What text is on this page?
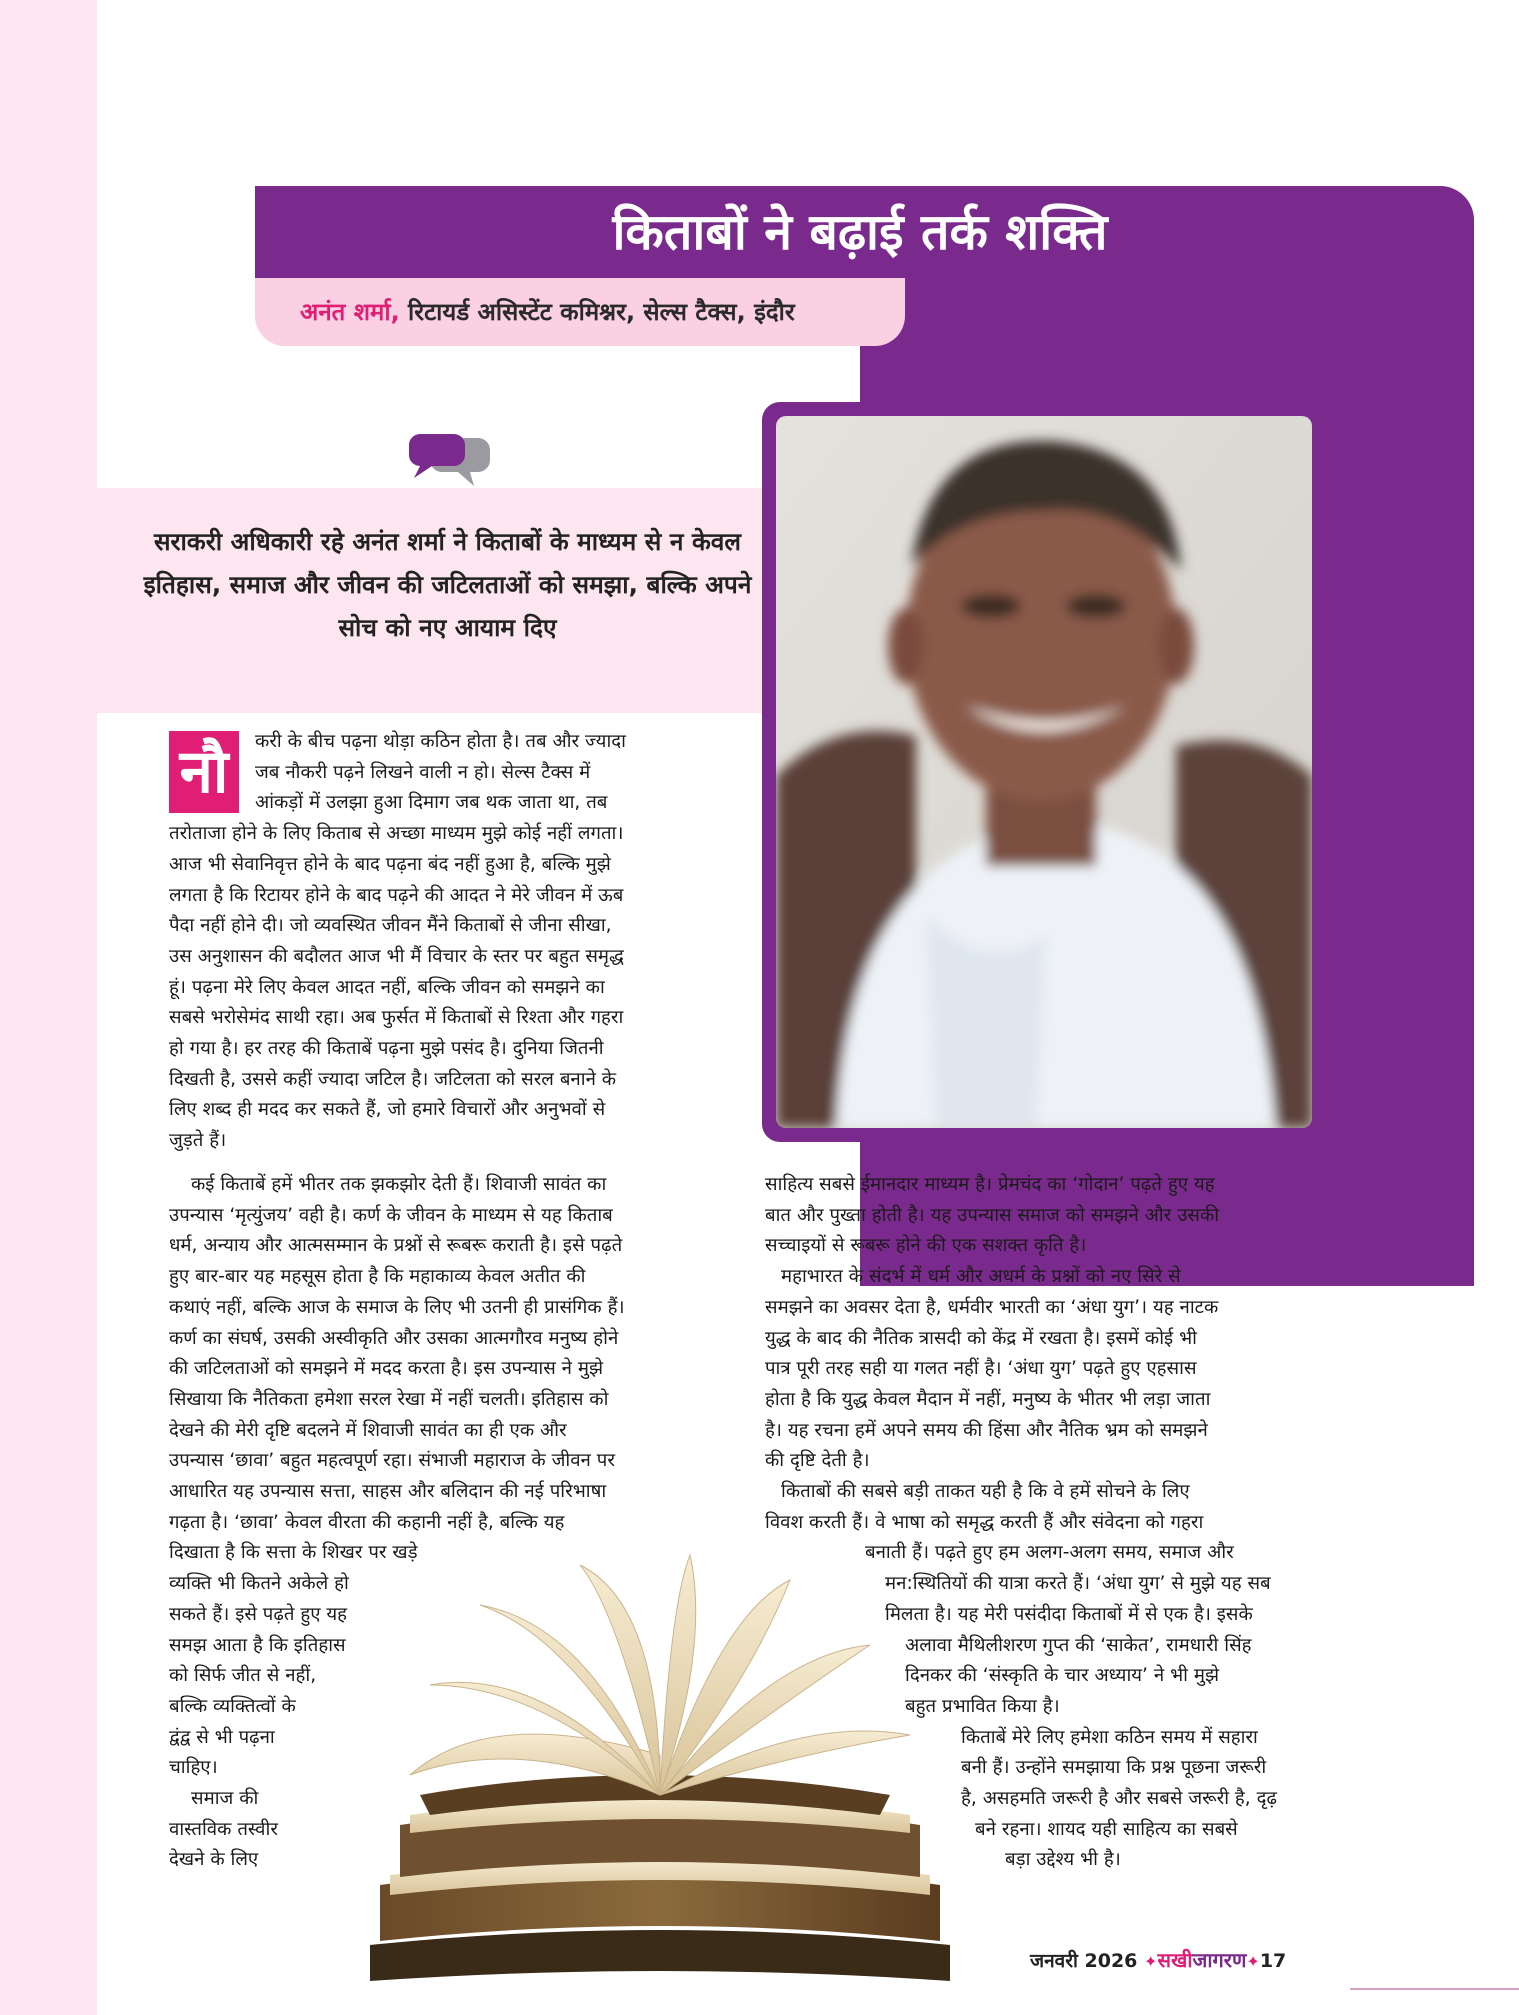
किताबों ने बढ़ाई तर्क शक्ति
अनंत शर्मा, रिटायर्ड असिस्टेंट कमिश्नर, सेल्स टैक्स, इंदौर

सराकरी अधिकारी रहे अनंत शर्मा ने किताबों के माध्यम से न केवल इतिहास, समाज और जीवन की जटिलताओं को समझा, बल्कि अपने सोच को नए आयाम दिए

नौ	करी के बीच पढ़ना थोड़ा कठिन होता है। तब और ज्यादा
जब नौकरी पढ़ने लिखने वाली न हो। सेल्स टैक्स में
आंकड़ों में उलझा हुआ दिमाग जब थक जाता था, तब
तरोताजा होने के लिए किताब से अच्छा माध्यम मुझे कोई नहीं लगता।
आज भी सेवानिवृत्त होने के बाद पढ़ना बंद नहीं हुआ है, बल्कि मुझे
लगता है कि रिटायर होने के बाद पढ़ने की आदत ने मेरे जीवन में ऊब
पैदा नहीं होने दी। जो व्यवस्थित जीवन मैंने किताबों से जीना सीखा,
उस अनुशासन की बदौलत आज भी मैं विचार के स्तर पर बहुत समृद्ध
हूं। पढ़ना मेरे लिए केवल आदत नहीं, बल्कि जीवन को समझने का
सबसे भरोसेमंद साथी रहा। अब फुर्सत में किताबों से रिश्ता और गहरा
हो गया है। हर तरह की किताबें पढ़ना मुझे पसंद है। दुनिया जितनी
दिखती है, उससे कहीं ज्यादा जटिल है। जटिलता को सरल बनाने के
लिए शब्द ही मदद कर सकते हैं, जो हमारे विचारों और अनुभवों से
जुड़ते हैं।
कई किताबें हमें भीतर तक झकझोर देती हैं। शिवाजी सावंत का
उपन्यास ‘मृत्युंजय’ वही है। कर्ण के जीवन के माध्यम से यह किताब
धर्म, अन्याय और आत्मसम्मान के प्रश्नों से रूबरू कराती है। इसे पढ़ते
हुए बार-बार यह महसूस होता है कि महाकाव्य केवल अतीत की
कथाएं नहीं, बल्कि आज के समाज के लिए भी उतनी ही प्रासंगिक हैं।
कर्ण का संघर्ष, उसकी अस्वीकृति और उसका आत्मगौरव मनुष्य होने
की जटिलताओं को समझने में मदद करता है। इस उपन्यास ने मुझे
सिखाया कि नैतिकता हमेशा सरल रेखा में नहीं चलती। इतिहास को
देखने की मेरी दृष्टि बदलने में शिवाजी सावंत का ही एक और
उपन्यास ‘छावा’ बहुत महत्वपूर्ण रहा। संभाजी महाराज के जीवन पर
आधारित यह उपन्यास सत्ता, साहस और बलिदान की नई परिभाषा
गढ़ता है। ‘छावा’ केवल वीरता की कहानी नहीं है, बल्कि यह
दिखाता है कि सत्ता के शिखर पर खड़े
व्यक्ति भी कितने अकेले हो
सकते हैं। इसे पढ़ते हुए यह
समझ आता है कि इतिहास
को सिर्फ जीत से नहीं,
बल्कि व्यक्तित्वों के
द्वंद्व से भी पढ़ना
चाहिए।
समाज की
वास्तविक तस्वीर
देखने के लिए
साहित्य सबसे ईमानदार माध्यम है। प्रेमचंद का ‘गोदान’ पढ़ते हुए यह
बात और पुख्ता होती है। यह उपन्यास समाज को समझने और उसकी
सच्चाइयों से रूबरू होने की एक सशक्त कृति है।
महाभारत के संदर्भ में धर्म और अधर्म के प्रश्नों को नए सिरे से
समझने का अवसर देता है, धर्मवीर भारती का ‘अंधा युग’। यह नाटक
युद्ध के बाद की नैतिक त्रासदी को केंद्र में रखता है। इसमें कोई भी
पात्र पूरी तरह सही या गलत नहीं है। ‘अंधा युग’ पढ़ते हुए एहसास
होता है कि युद्ध केवल मैदान में नहीं, मनुष्य के भीतर भी लड़ा जाता
है। यह रचना हमें अपने समय की हिंसा और नैतिक भ्रम को समझने
की दृष्टि देती है।
किताबों की सबसे बड़ी ताकत यही है कि वे हमें सोचने के लिए
विवश करती हैं। वे भाषा को समृद्ध करती हैं और संवेदना को गहरा
बनाती हैं। पढ़ते हुए हम अलग-अलग समय, समाज और
मन:स्थितियों की यात्रा करते हैं। ‘अंधा युग’ से मुझे यह सब
मिलता है। यह मेरी पसंदीदा किताबों में से एक है। इसके
अलावा मैथिलीशरण गुप्त की ‘साकेत’, रामधारी सिंह
दिनकर की ‘संस्कृति के चार अध्याय’ ने भी मुझे
बहुत प्रभावित किया है।
किताबें मेरे लिए हमेशा कठिन समय में सहारा
बनी हैं। उन्होंने समझाया कि प्रश्न पूछना जरूरी
है, असहमति जरूरी है और सबसे जरूरी है, दृढ़
बने रहना। शायद यही साहित्य का सबसे
बड़ा उद्देश्य भी है।
जनवरी 2026 ✦सखीजागरण✦17
